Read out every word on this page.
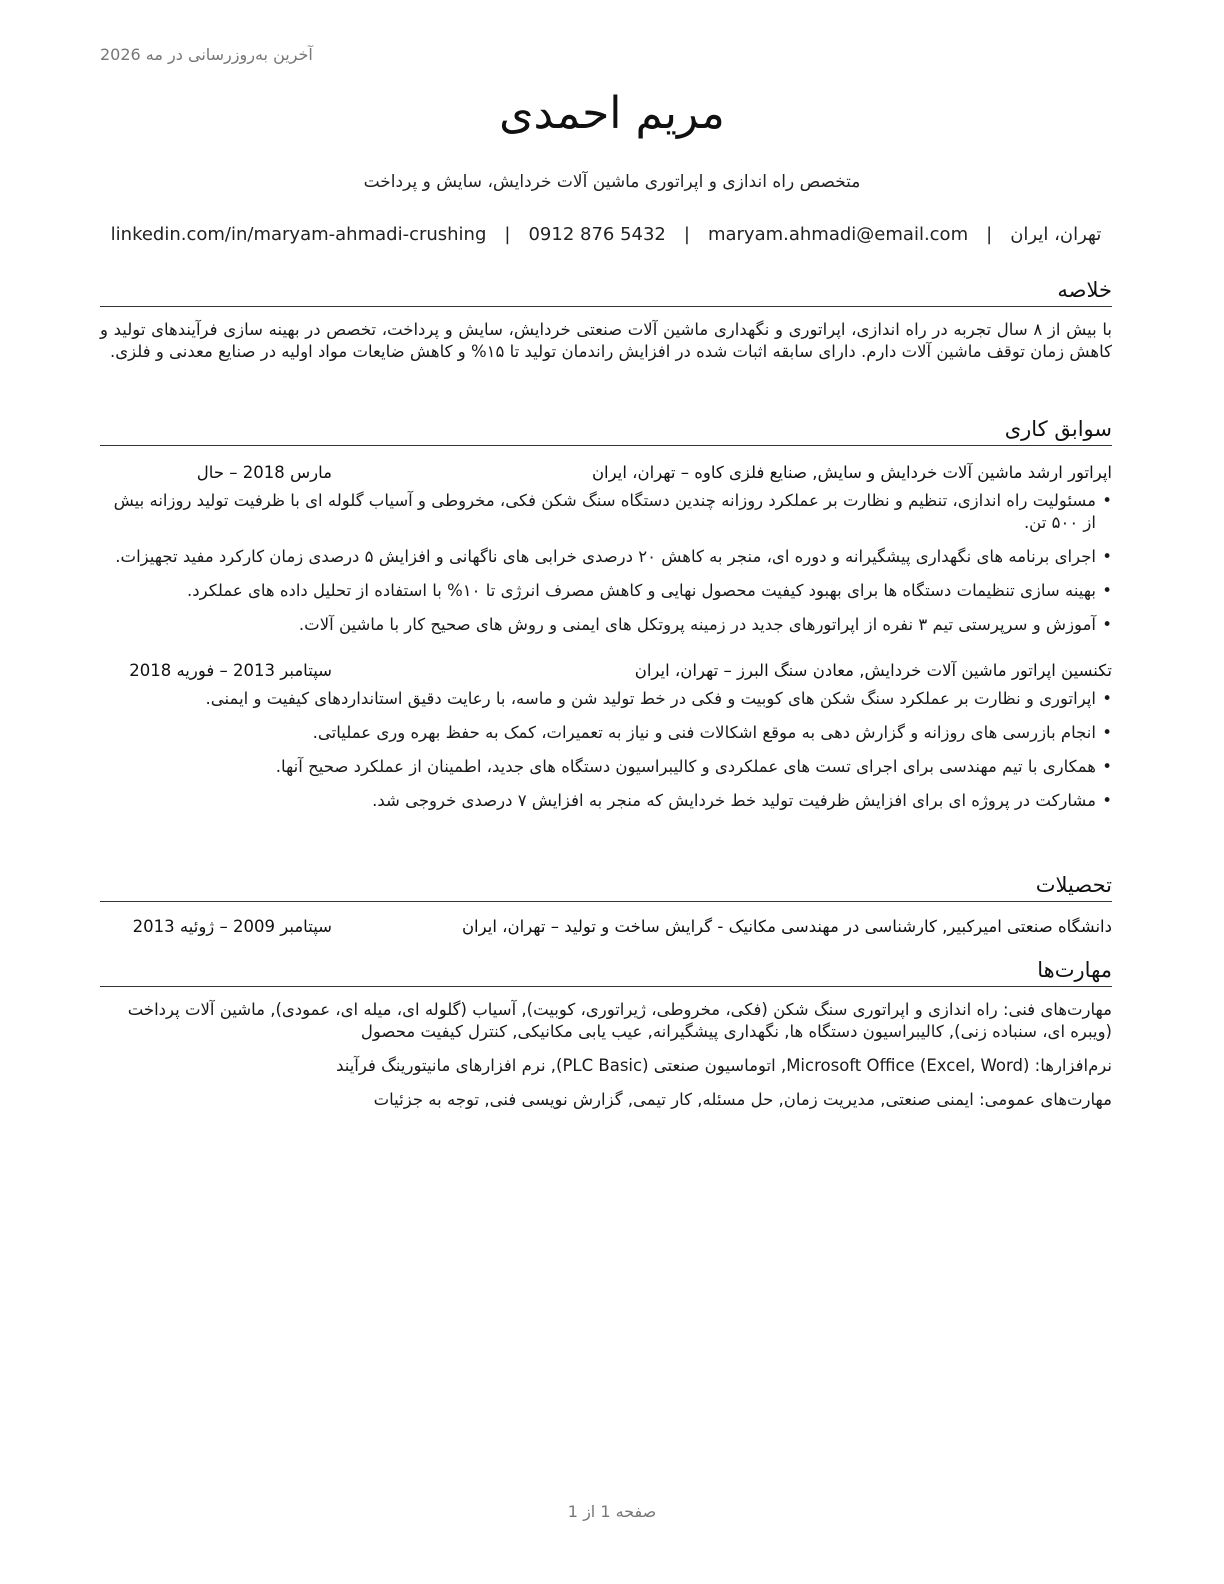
آخرین به‌روزرسانی در مه 2026
مریم احمدی
متخصص راه اندازی و اپراتوری ماشین آلات خردایش، سایش و پرداخت
تهران، ایران
|
maryam.ahmadi@email.com
|
0912 876 5432
|
linkedin.com/in/maryam-ahmadi-crushing
خلاصه
با بیش از ۸ سال تجربه در راه اندازی، اپراتوری و نگهداری ماشین آلات صنعتی خردایش، سایش و پرداخت، تخصص در بهینه سازی فرآیندهای تولید و کاهش زمان توقف ماشین آلات دارم. دارای سابقه اثبات شده در افزایش راندمان تولید تا ۱۵% و کاهش ضایعات مواد اولیه در صنایع معدنی و فلزی.
سوابق کاری
اپراتور ارشد ماشین آلات خردایش و سایش, صنایع فلزی کاوه – تهران، ایران
مارس 2018 – حال
• مسئولیت راه اندازی، تنظیم و نظارت بر عملکرد روزانه چندین دستگاه سنگ شکن فکی، مخروطی و آسیاب گلوله ای با ظرفیت تولید روزانه بیش از ۵۰۰ تن.
• اجرای برنامه های نگهداری پیشگیرانه و دوره ای، منجر به کاهش ۲۰ درصدی خرابی های ناگهانی و افزایش ۵ درصدی زمان کارکرد مفید تجهیزات.
• بهینه سازی تنظیمات دستگاه ها برای بهبود کیفیت محصول نهایی و کاهش مصرف انرژی تا ۱۰% با استفاده از تحلیل داده های عملکرد.
• آموزش و سرپرستی تیم ۳ نفره از اپراتورهای جدید در زمینه پروتکل های ایمنی و روش های صحیح کار با ماشین آلات.
تکنسین اپراتور ماشین آلات خردایش, معادن سنگ البرز – تهران، ایران
سپتامبر 2013 – فوریه 2018
• اپراتوری و نظارت بر عملکرد سنگ شکن های کوبیت و فکی در خط تولید شن و ماسه، با رعایت دقیق استانداردهای کیفیت و ایمنی.
• انجام بازرسی های روزانه و گزارش دهی به موقع اشکالات فنی و نیاز به تعمیرات، کمک به حفظ بهره وری عملیاتی.
• همکاری با تیم مهندسی برای اجرای تست های عملکردی و کالیبراسیون دستگاه های جدید، اطمینان از عملکرد صحیح آنها.
• مشارکت در پروژه ای برای افزایش ظرفیت تولید خط خردایش که منجر به افزایش ۷ درصدی خروجی شد.
تحصیلات
دانشگاه صنعتی امیرکبیر, کارشناسی در مهندسی مکانیک - گرایش ساخت و تولید – تهران، ایران
سپتامبر 2009 – ژوئیه 2013
مهارت‌ها
مهارت‌های فنی: راه اندازی و اپراتوری سنگ شکن (فکی، مخروطی، ژیراتوری، کوبیت), آسیاب (گلوله ای، میله ای، عمودی), ماشین آلات پرداخت (ویبره ای، سنباده زنی), کالیبراسیون دستگاه ها, نگهداری پیشگیرانه, عیب یابی مکانیکی, کنترل کیفیت محصول
نرم‌افزارها: Microsoft Office (Excel, Word), اتوماسیون صنعتی (PLC Basic), نرم افزارهای مانیتورینگ فرآیند
مهارت‌های عمومی: ایمنی صنعتی, مدیریت زمان, حل مسئله, کار تیمی, گزارش نویسی فنی, توجه به جزئیات
صفحه 1 از 1
